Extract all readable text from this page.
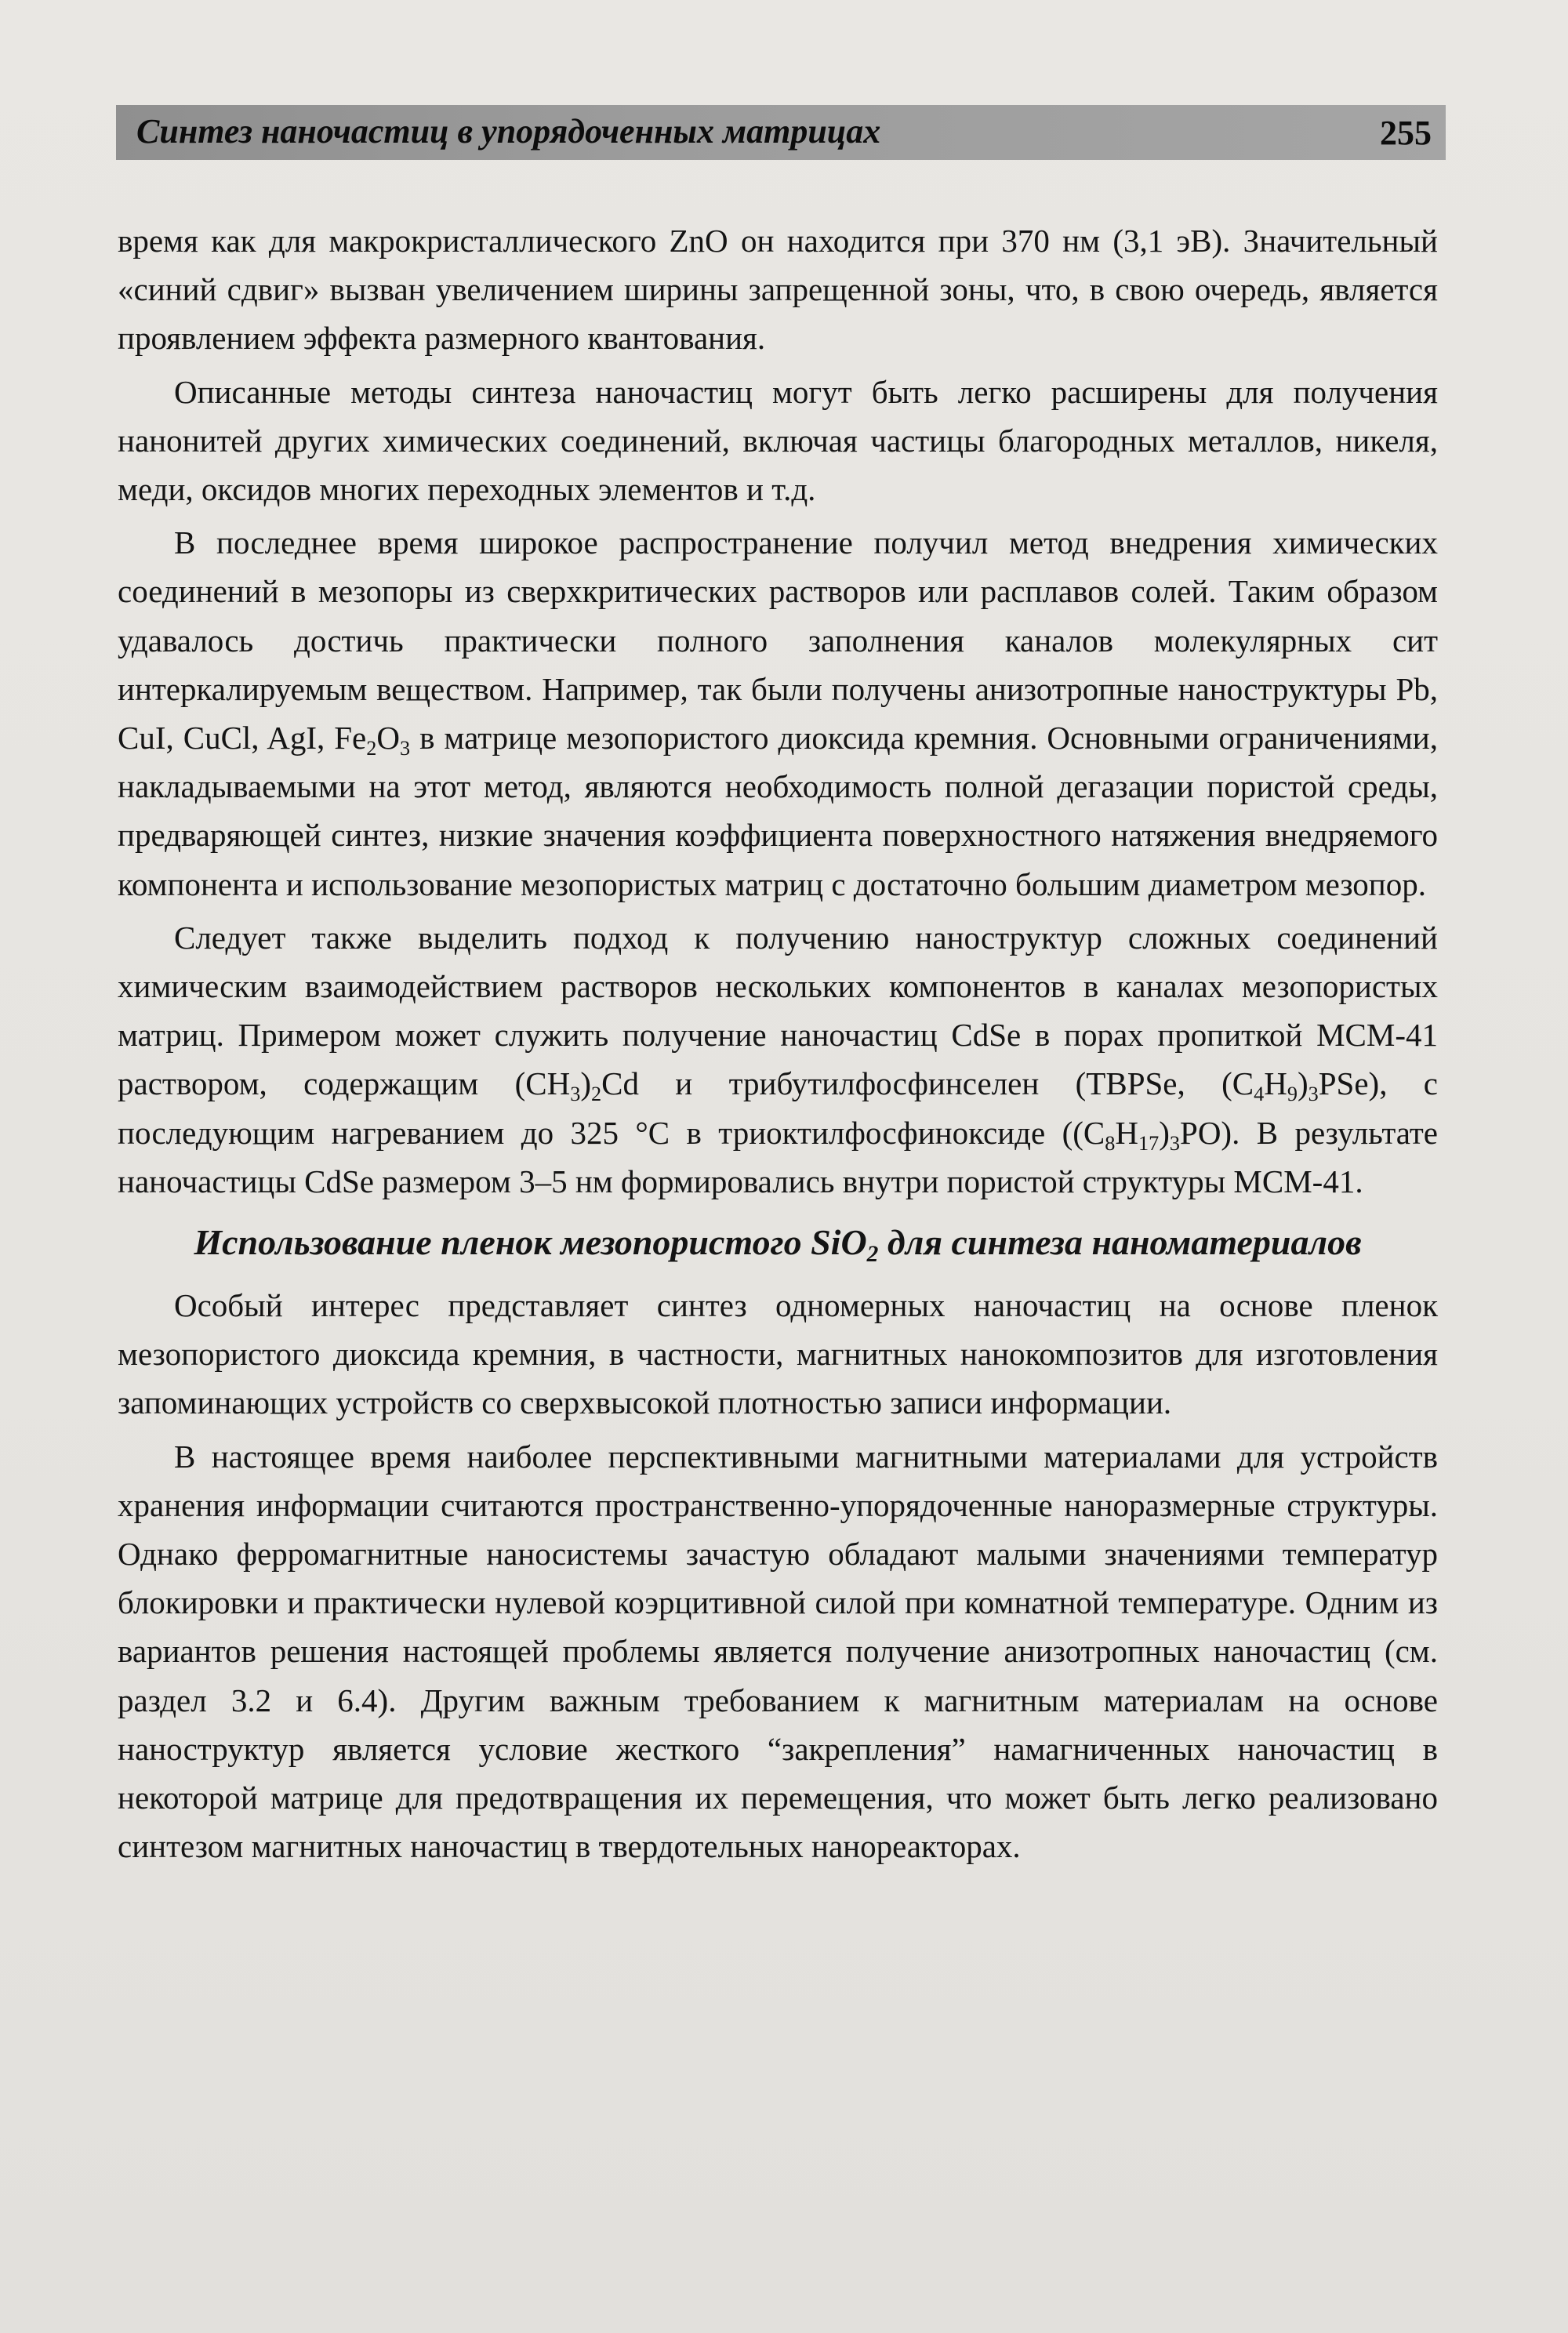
Синтез наночастиц в упорядоченных матрицах	255

время как для макрокристаллического ZnO он находится при 370 нм (3,1 эВ). Значительный «синий сдвиг» вызван увеличением ширины запрещенной зоны, что, в свою очередь, является проявлением эффекта размерного квантования.

Описанные методы синтеза наночастиц могут быть легко расширены для получения нанонитей других химических соединений, включая частицы благородных металлов, никеля, меди, оксидов многих переходных элементов и т.д.

В последнее время широкое распространение получил метод внедрения химических соединений в мезопоры из сверхкритических растворов или расплавов солей. Таким образом удавалось достичь практически полного заполнения каналов молекулярных сит интеркалируемым веществом. Например, так были получены анизотропные наноструктуры Pb, CuI, CuCl, AgI, $Fe_2O_3$ в матрице мезопористого диоксида кремния. Основными ограничениями, накладываемыми на этот метод, являются необходимость полной дегазации пористой среды, предваряющей синтез, низкие значения коэффициента поверхностного натяжения внедряемого компонента и использование мезопористых матриц с достаточно большим диаметром мезопор.

Следует также выделить подход к получению наноструктур сложных соединений химическим взаимодействием растворов нескольких компонентов в каналах мезопористых матриц. Примером может служить получение наночастиц CdSe в порах пропиткой MCM-41 раствором, содержащим $(CH_3)_2Cd$ и трибутилфосфинселен (TBPSe, $(C_4H_9)_3PSe$), с последующим нагреванием до 325 °C в триоктилфосфиноксиде $((C_8H_{17})_3PO)$. В результате наночастицы CdSe размером 3–5 нм формировались внутри пористой структуры MCM-41.

Использование пленок мезопористого SiO$_2$ для синтеза наноматериалов

Особый интерес представляет синтез одномерных наночастиц на основе пленок мезопористого диоксида кремния, в частности, магнитных нанокомпозитов для изготовления запоминающих устройств со сверхвысокой плотностью записи информации.

В настоящее время наиболее перспективными магнитными материалами для устройств хранения информации считаются пространственно-упорядоченные наноразмерные структуры. Однако ферромагнитные наносистемы зачастую обладают малыми значениями температур блокировки и практически нулевой коэрцитивной силой при комнатной температуре. Одним из вариантов решения настоящей проблемы является получение анизотропных наночастиц (см. раздел 3.2 и 6.4). Другим важным требованием к магнитным материалам на основе наноструктур является условие жесткого “закрепления” намагниченных наночастиц в некоторой матрице для предотвращения их перемещения, что может быть легко реализовано синтезом магнитных наночастиц в твердотельных нанореакторах.
